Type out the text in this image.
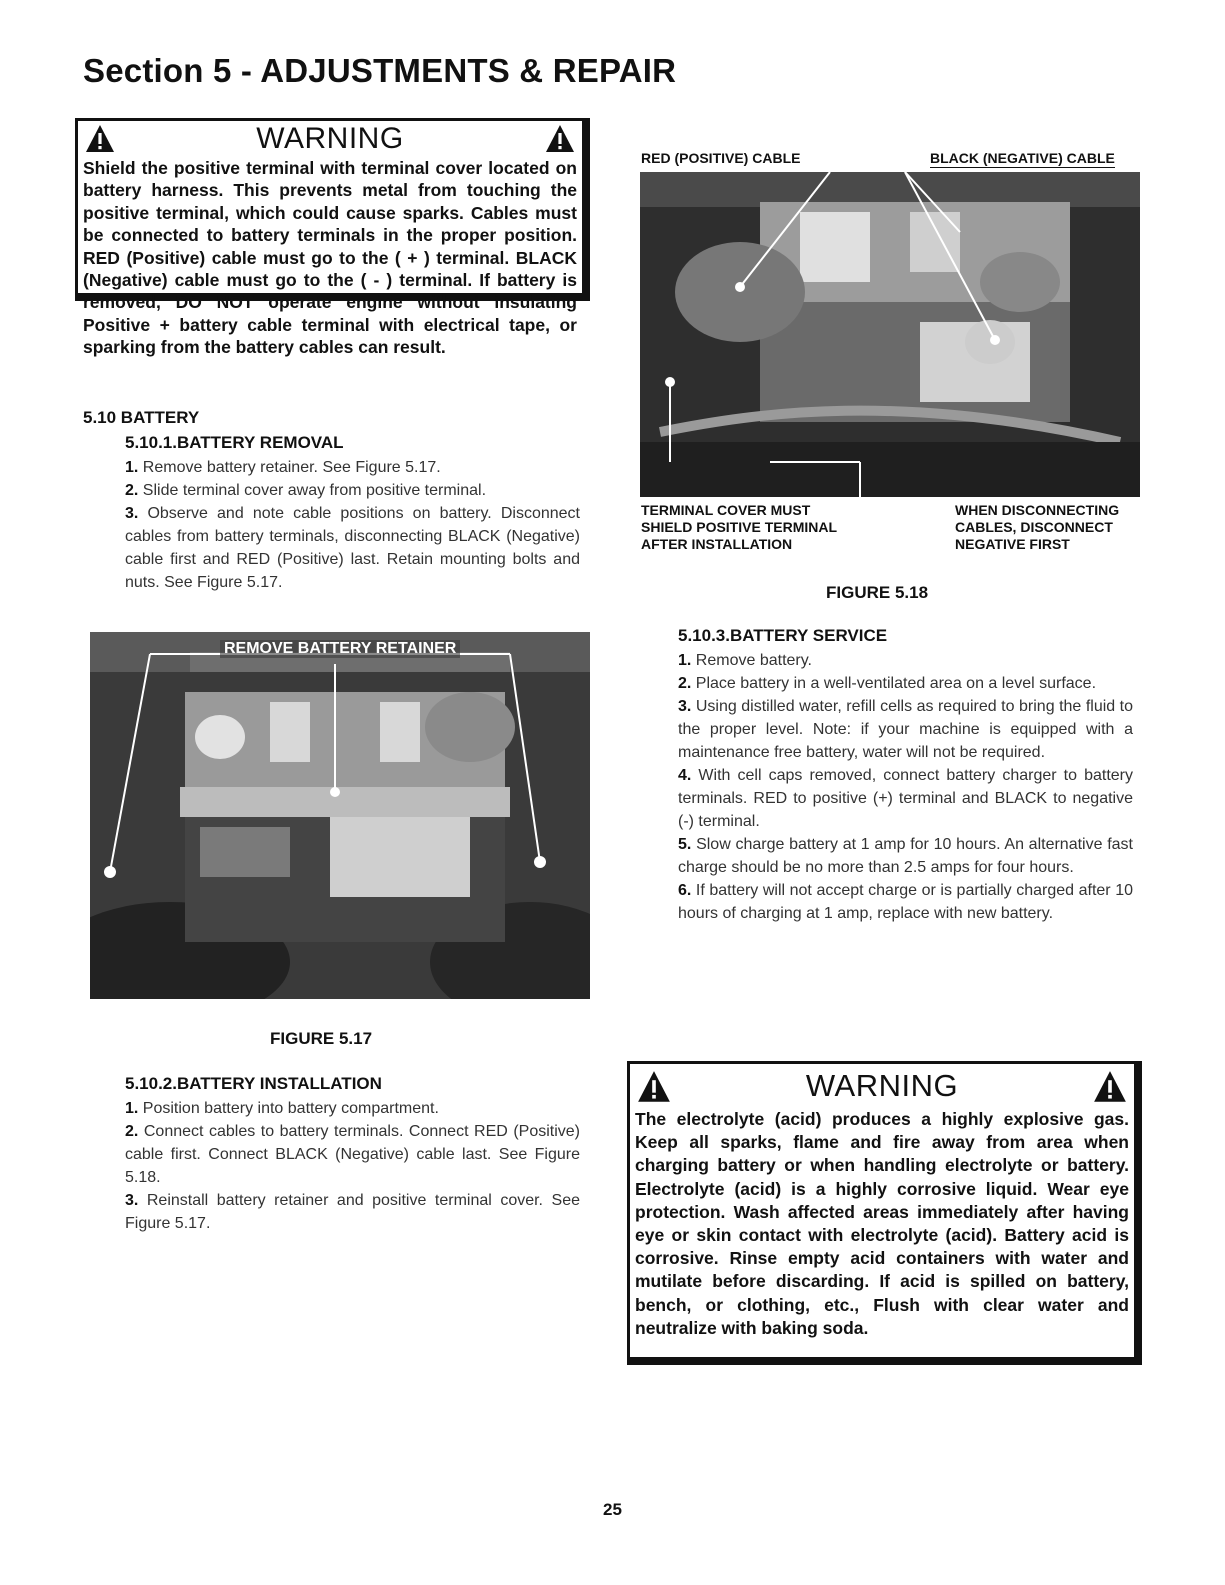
Section 5 - ADJUSTMENTS & REPAIR
WARNING

Shield the positive terminal with terminal cover located on battery harness. This prevents metal from touching the positive terminal, which could cause sparks. Cables must be connected to battery terminals in the proper position. RED (Positive) cable must go to the ( + ) terminal. BLACK (Negative) cable must go to the ( - ) terminal. If battery is removed, DO NOT operate engine without insulating Positive + battery cable terminal with electrical tape, or sparking from the battery cables can result.

5.10 BATTERY
5.10.1.BATTERY REMOVAL

1. Remove battery retainer. See Figure 5.17.

2. Slide terminal cover away from positive terminal.

3. Observe and note cable positions on battery. Disconnect cables from battery terminals, disconnecting BLACK (Negative) cable first and RED (Positive) last. Retain mounting bolts and nuts. See Figure 5.17.

REMOVE BATTERY RETAINER
FIGURE 5.17
5.10.2.BATTERY INSTALLATION

1. Position battery into battery compartment.

2. Connect cables to battery terminals. Connect RED (Positive) cable first. Connect BLACK (Negative) cable last. See Figure 5.18.

3. Reinstall battery retainer and positive terminal cover. See Figure 5.17.

RED (POSITIVE) CABLE	BLACK (NEGATIVE) CABLE
TERMINAL COVER MUST SHIELD POSITIVE TERMINAL AFTER INSTALLATION
WHEN DISCONNECTING CABLES, DISCONNECT NEGATIVE FIRST
FIGURE 5.18
5.10.3.BATTERY SERVICE

1. Remove battery.

2. Place battery in a well-ventilated area on a level surface.

3. Using distilled water, refill cells as required to bring the fluid to the proper level. Note: if your machine is equipped with a maintenance free battery, water will not be required.

4. With cell caps removed, connect battery charger to battery terminals. RED to positive (+) terminal and BLACK to negative (-) terminal.

5. Slow charge battery at 1 amp for 10 hours. An alternative fast charge should be no more than 2.5 amps for four hours.

6. If battery will not accept charge or is partially charged after 10 hours of charging at 1 amp, replace with new battery.

WARNING

The electrolyte (acid) produces a highly explosive gas. Keep all sparks, flame and fire away from area when charging battery or when handling electrolyte or battery. Electrolyte (acid) is a highly corrosive liquid. Wear eye protection. Wash affected areas immediately after having eye or skin contact with electrolyte (acid). Battery acid is corrosive. Rinse empty acid containers with water and mutilate before discarding. If acid is spilled on battery, bench, or clothing, etc., Flush with clear water and neutralize with baking soda.

25
